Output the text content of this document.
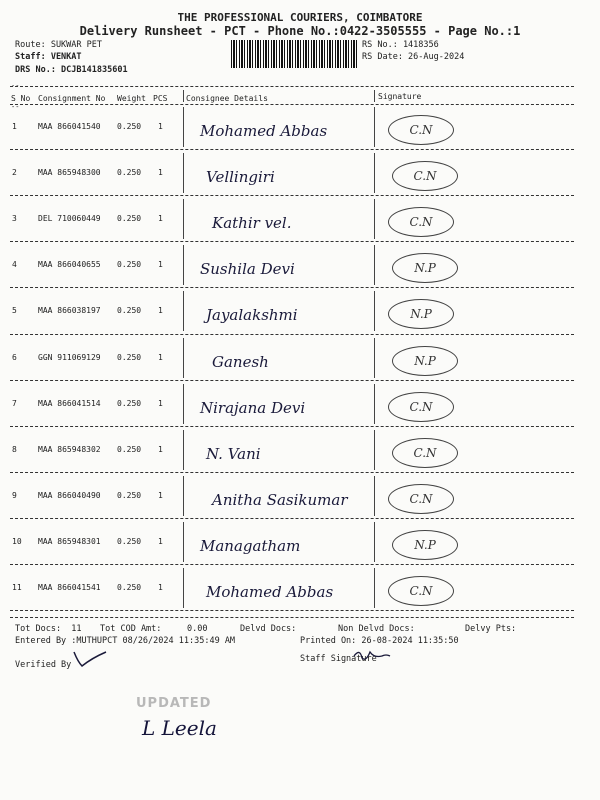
THE PROFESSIONAL COURIERS, COIMBATORE
Delivery Runsheet - PCT - Phone No.:0422-3505555 - Page No.:1
Route: SUKWAR PET
Staff: VENKAT
DRS No.: DCJB141835601
RS No.: 1418356
RS Date: 26-Aug-2024
--
S No Consignment No Weight PCS Consignee Details	Signature
--
1	MAA 866041540 0.250 1 Mohamed Abbas	C.N
2	MAA 865948300 0.250 1	Vellingiri	C.N
3	DEL 710060449 0.250 1	Kathir vel.	C.N
4	MAA 866040655 0.250 1 Sushila Devi	N.P
5	MAA 866038197 0.250 1	Jayalakshmi	N.P
6	GGN 911069129 0.250 1	Ganesh	N.P
7	MAA 866041514 0.250 1 Nirajana Devi	C.N
8	MAA 865948302 0.250 1	N. Vani	C.N
9	MAA 866040490 0.250 1	Anitha Sasikumar	C.N
10 MAA 865948301 0.250 1 Managatham	N.P
11 MAA 866041541 0.250 1	Mohamed Abbas	C.N
Tot Docs:  11 Tot COD Amt:     0.00	Delvd Docs:	Non Delvd Docs:	Delvy Pts:
Entered By :MUTHUPCT 08/26/2024 11:35:49 AM	Printed On: 26-08-2024 11:35:50
Verified By
Staff Signature
UPDATED
L Leela
